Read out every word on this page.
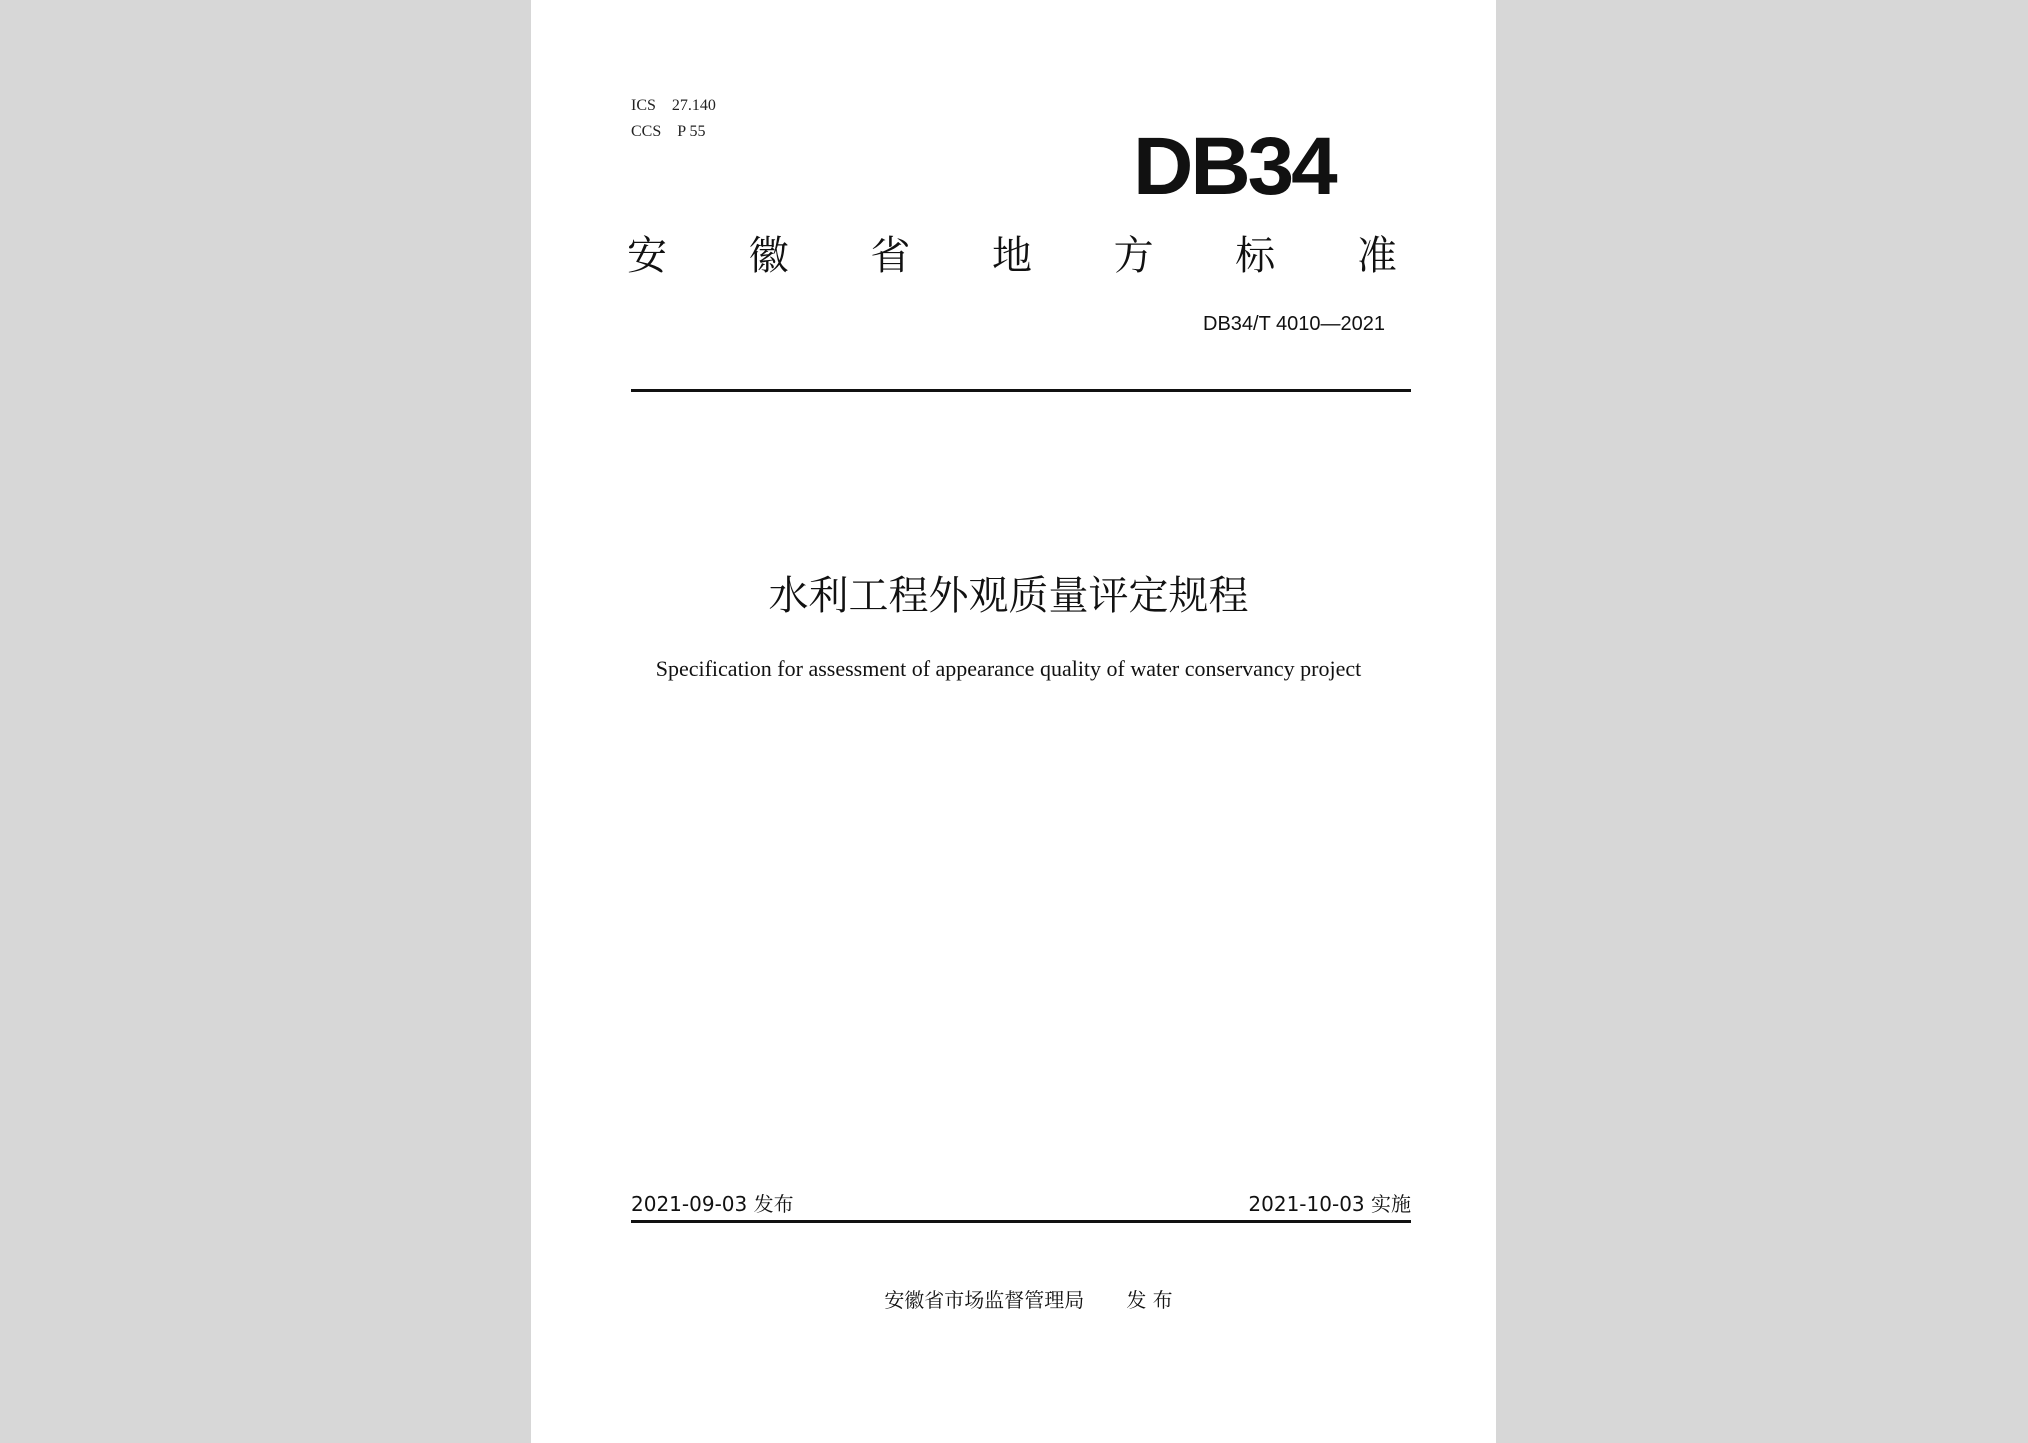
ICS 27.140
CCS P 55	DB34
安 徽 省 地 方 标 准
DB34/T 4010—2021
水利工程外观质量评定规程
Specification for assessment of appearance quality of water conservancy project
2021-09-03 发布	2021-10-03 实施
安徽省市场监督管理局 发 布
